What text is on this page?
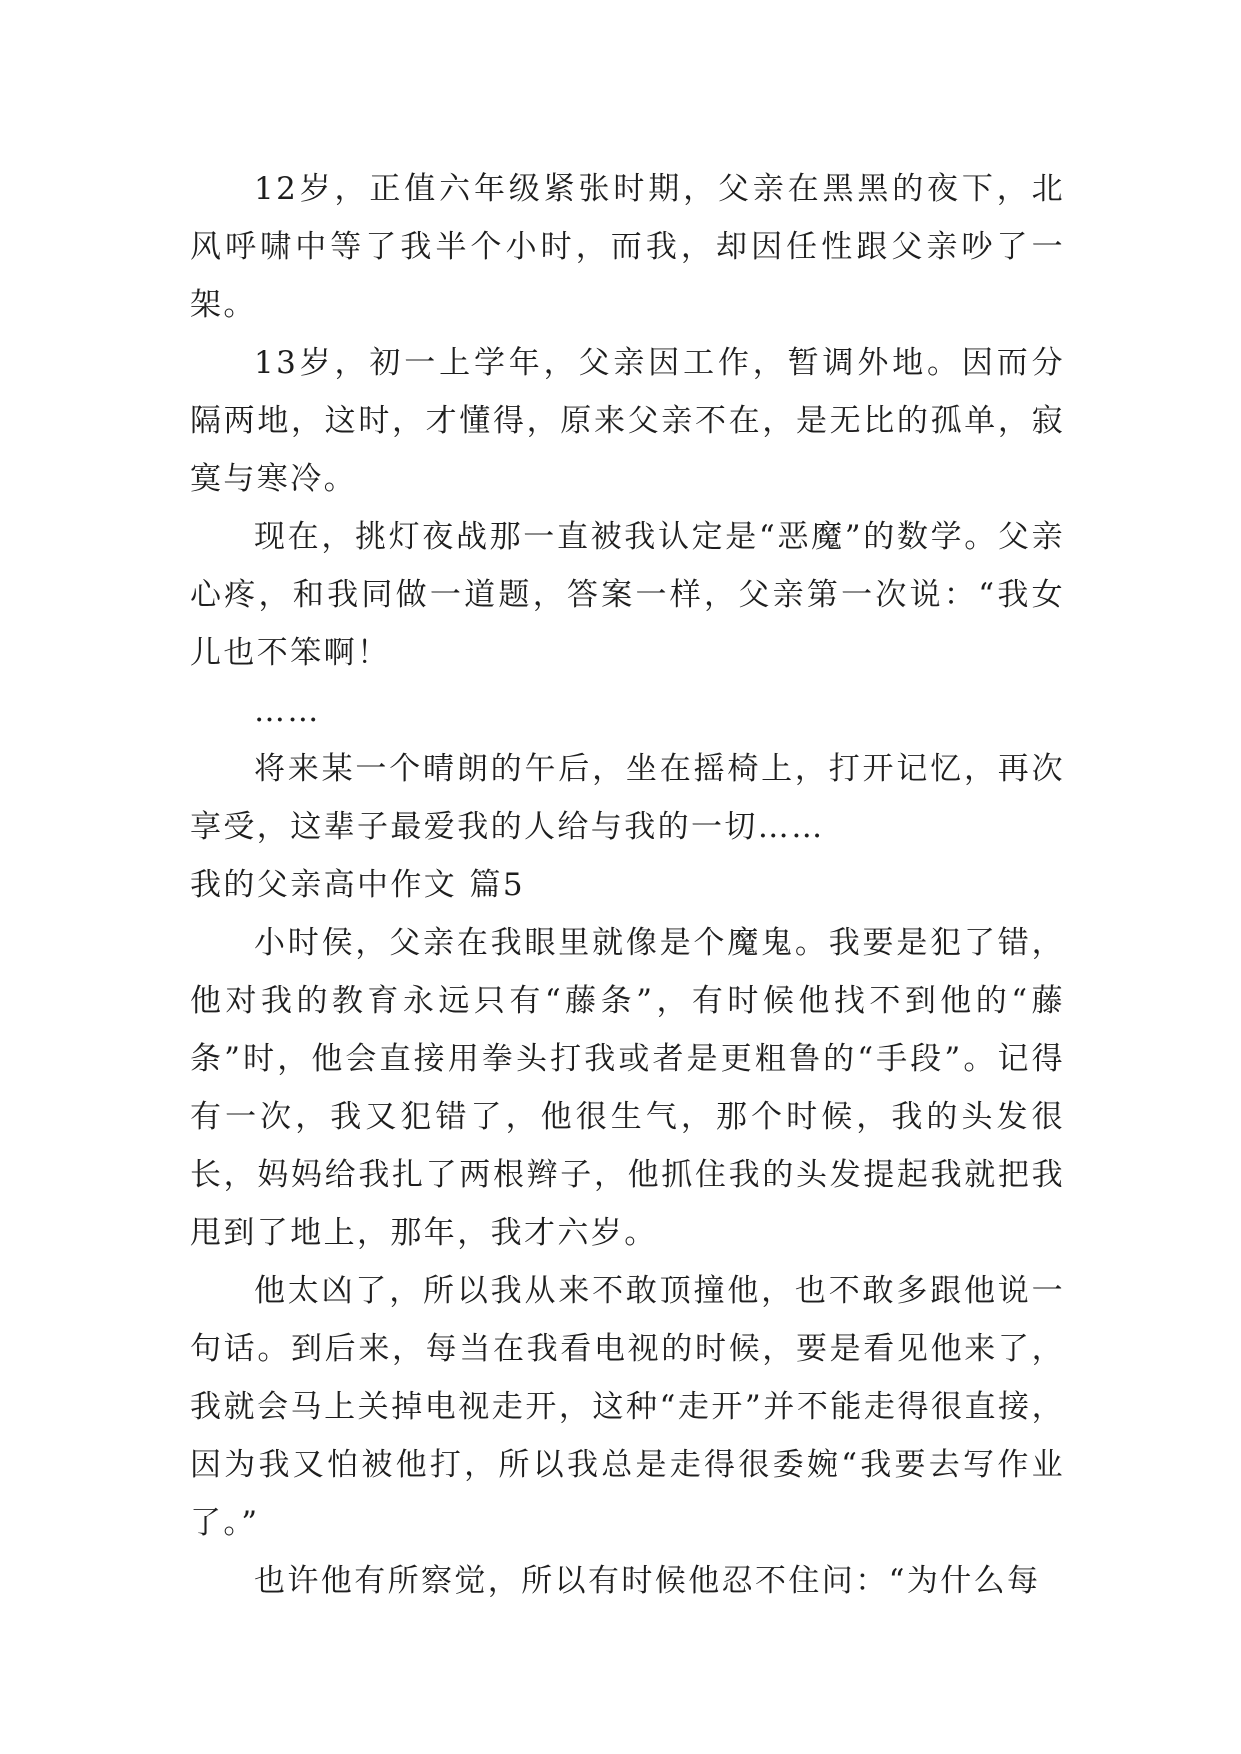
12岁，正值六年级紧张时期，父亲在黑黑的夜下，北风呼啸中等了我半个小时，而我，却因任性跟父亲吵了一架。

13岁，初一上学年，父亲因工作，暂调外地。因而分隔两地，这时，才懂得，原来父亲不在，是无比的孤单，寂寞与寒冷。

现在，挑灯夜战那一直被我认定是“恶魔”的数学。父亲心疼，和我同做一道题，答案一样，父亲第一次说：“我女儿也不笨啊！

……

将来某一个晴朗的午后，坐在摇椅上，打开记忆，再次享受，这辈子最爱我的人给与我的一切……

我的父亲高中作文 篇5

小时侯，父亲在我眼里就像是个魔鬼。我要是犯了错，他对我的教育永远只有“藤条”，有时候他找不到他的“藤条”时，他会直接用拳头打我或者是更粗鲁的“手段”。记得有一次，我又犯错了，他很生气，那个时候，我的头发很长，妈妈给我扎了两根辫子，他抓住我的头发提起我就把我甩到了地上，那年，我才六岁。

他太凶了，所以我从来不敢顶撞他，也不敢多跟他说一句话。到后来，每当在我看电视的时候，要是看见他来了，我就会马上关掉电视走开，这种“走开”并不能走得很直接，因为我又怕被他打，所以我总是走得很委婉“我要去写作业了。”

也许他有所察觉，所以有时候他忍不住问：“为什么每
